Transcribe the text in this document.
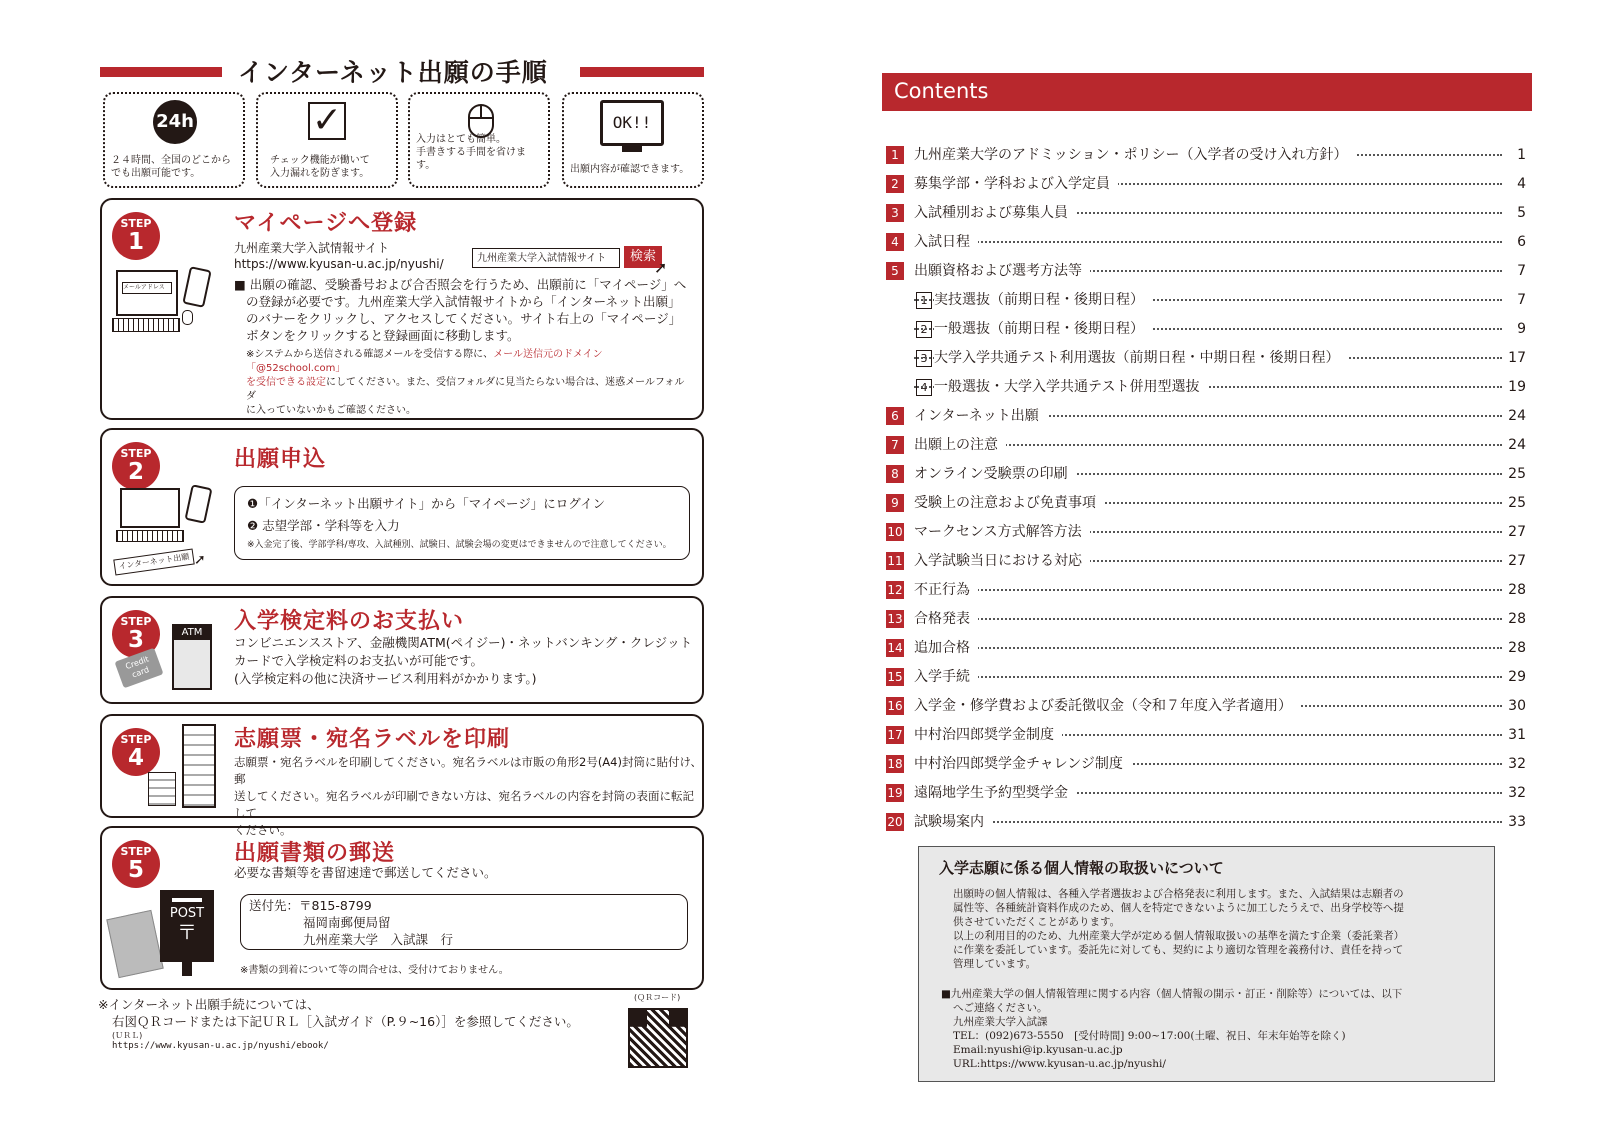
インターネット出願の手順
24h
２４時間、全国のどこから
でも出願可能です。
✓
チェック機能が働いて
入力漏れを防ぎます。
入力はとても簡単。
手書きする手間を省けます。
OK!!
出願内容が確認できます。
STEP
1
マイページへ登録
九州産業大学入試情報サイト
https://www.kyusan-u.ac.jp/nyushi/	九州産業大学入試情報サイト	検索
➚
メールアドレス	■ 出願の確認、受験番号および合否照会を行うため、出願前に「マイページ」へ
の登録が必要です。九州産業大学入試情報サイトから「インターネット出願」
のバナーをクリックし、アクセスしてください。サイト右上の「マイページ」
ボタンをクリックすると登録画面に移動します。
※システムから送信される確認メールを受信する際に、メール送信元のドメイン「@52school.com」
を受信できる設定にしてください。また、受信フォルダに見当たらない場合は、迷惑メールフォルダ
に入っていないかもご確認ください。
STEP
2	出願申込
インターネット出願 ➚
❶「インターネット出願サイト」から「マイページ」にログイン
❷ 志望学部・学科等を入力
※入金完了後、学部学科/専攻、入試種別、試験日、試験会場の変更はできませんので注意してください。
STEP
3
入学検定料のお支払い
ATM
Credit card
コンビニエンスストア、金融機関ATM(ペイジー)・ネットバンキング・クレジット
カードで入学検定料のお支払いが可能です。
(入学検定料の他に決済サービス利用料がかかります。)
STEP
4
志願票・宛名ラベルを印刷
志願票・宛名ラベルを印刷してください。宛名ラベルは市販の角形2号(A4)封筒に貼付け、郵
送してください。宛名ラベルが印刷できない方は、宛名ラベルの内容を封筒の表面に転記して
ください。
STEP
5
出願書類の郵送
必要な書類等を書留速達で郵送してください。
POST
〒
送付先：〒815-8799
福岡南郵便局留
九州産業大学　入試課　行
※書類の到着について等の問合せは、受付けておりません。
※インターネット出願手続については、
右図ＱＲコードまたは下記ＵＲＬ［入試ガイド（P.９~16）］を参照してください。
(ＵＲＬ)
https://www.kyusan-u.ac.jp/nyushi/ebook/
(ＱＲコード)
Contents
1	九州産業大学のアドミッション・ポリシー（入学者の受け入れ方針）	1
2	募集学部・学科および入学定員	4
3	入試種別および募集人員	5
4	入試日程	6
5	出願資格および選考方法等	7
1 実技選抜（前期日程・後期日程）	7
2 一般選抜（前期日程・後期日程）	9
3 大学入学共通テスト利用選抜（前期日程・中期日程・後期日程）	17
4 一般選抜・大学入学共通テスト併用型選抜	19
6	インターネット出願	24
7	出願上の注意	24
8	オンライン受験票の印刷	25
9	受験上の注意および免責事項	25
10 マークセンス方式解答方法	27
11 入学試験当日における対応	27
12 不正行為	28
13 合格発表	28
14 追加合格	28
15 入学手続	29
16 入学金・修学費および委託徴収金（令和７年度入学者適用）	30
17 中村治四郎奨学金制度	31
18 中村治四郎奨学金チャレンジ制度	32
19 遠隔地学生予約型奨学金	32
20 試験場案内	33
入学志願に係る個人情報の取扱いについて
出願時の個人情報は、各種入学者選抜および合格発表に利用します。また、入試結果は志願者の
属性等、各種統計資料作成のため、個人を特定できないように加工したうえで、出身学校等へ提
供させていただくことがあります。
以上の利用目的のため、九州産業大学が定める個人情報取扱いの基準を満たす企業（委託業者）
に作業を委託しています。委託先に対しても、契約により適切な管理を義務付け、責任を持って
管理しています。
■九州産業大学の個人情報管理に関する内容（個人情報の開示・訂正・削除等）については、以下
へご連絡ください。
九州産業大学入試課
TEL：(092)673-5550　[受付時間] 9:00~17:00(土曜、祝日、年末年始等を除く)
Email:nyushi@ip.kyusan-u.ac.jp
URL:https://www.kyusan-u.ac.jp/nyushi/
